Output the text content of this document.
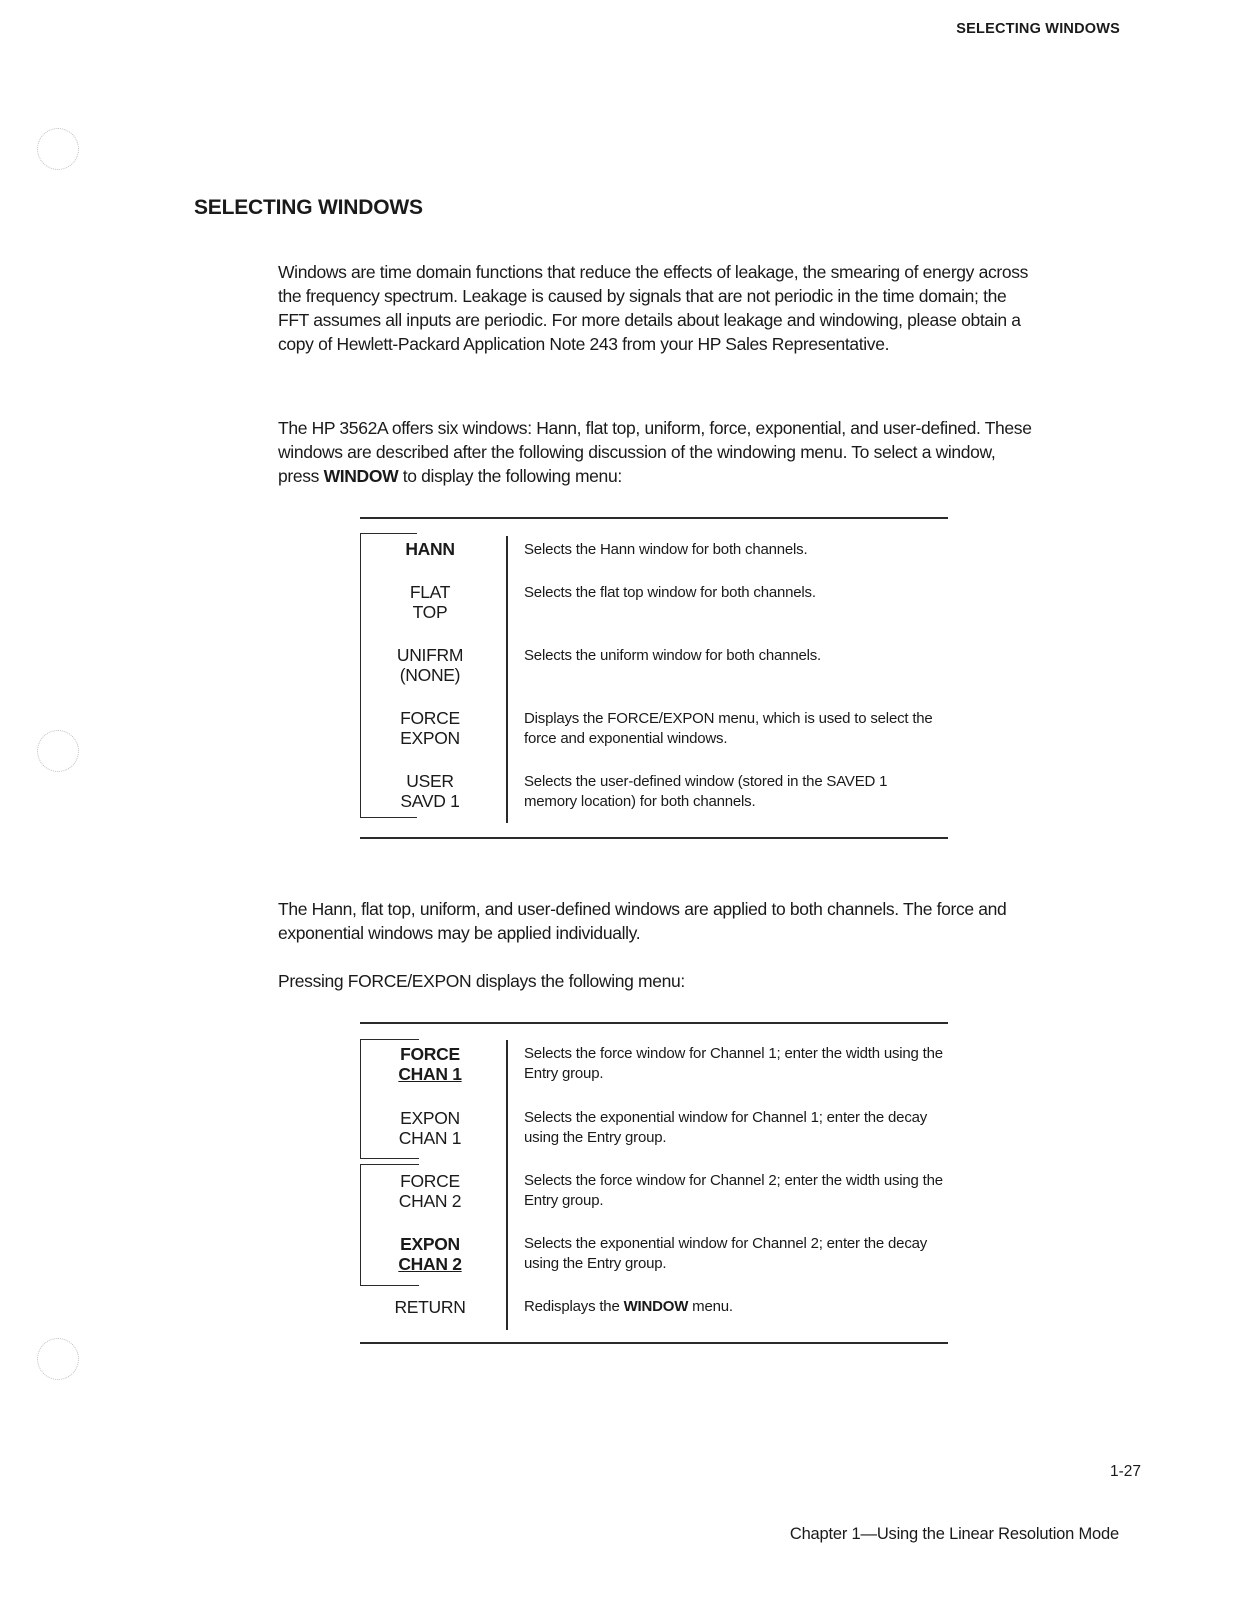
SELECTING WINDOWS
SELECTING WINDOWS

Windows are time domain functions that reduce the effects of leakage, the smearing of energy across the frequency spectrum. Leakage is caused by signals that are not periodic in the time domain; the FFT assumes all inputs are periodic. For more details about leakage and windowing, please obtain a copy of Hewlett-Packard Application Note 243 from your HP Sales Representative.

The HP 3562A offers six windows: Hann, flat top, uniform, force, exponential, and user-defined. These windows are described after the following discussion of the windowing menu. To select a window, press WINDOW to display the following menu:

HANN	Selects the Hann window for both channels.
FLAT
TOP
Selects the flat top window for both channels.
UNIFRM
(NONE)
Selects the uniform window for both channels.
FORCE
EXPON
Displays the FORCE/EXPON menu, which is used to select the force and exponential windows.
USER
SAVD 1
Selects the user-defined window (stored in the SAVED 1 memory location) for both channels.

The Hann, flat top, uniform, and user-defined windows are applied to both channels. The force and exponential windows may be applied individually.

Pressing FORCE/EXPON displays the following menu:

FORCE
CHAN 1
Selects the force window for Channel 1; enter the width using the Entry group.
EXPON
CHAN 1
Selects the exponential window for Channel 1; enter the decay using the Entry group.
FORCE
CHAN 2
Selects the force window for Channel 2; enter the width using the Entry group.
EXPON
CHAN 2
Selects the exponential window for Channel 2; enter the decay using the Entry group.
RETURN	Redisplays the WINDOW menu.
1-27
Chapter 1—Using the Linear Resolution Mode
